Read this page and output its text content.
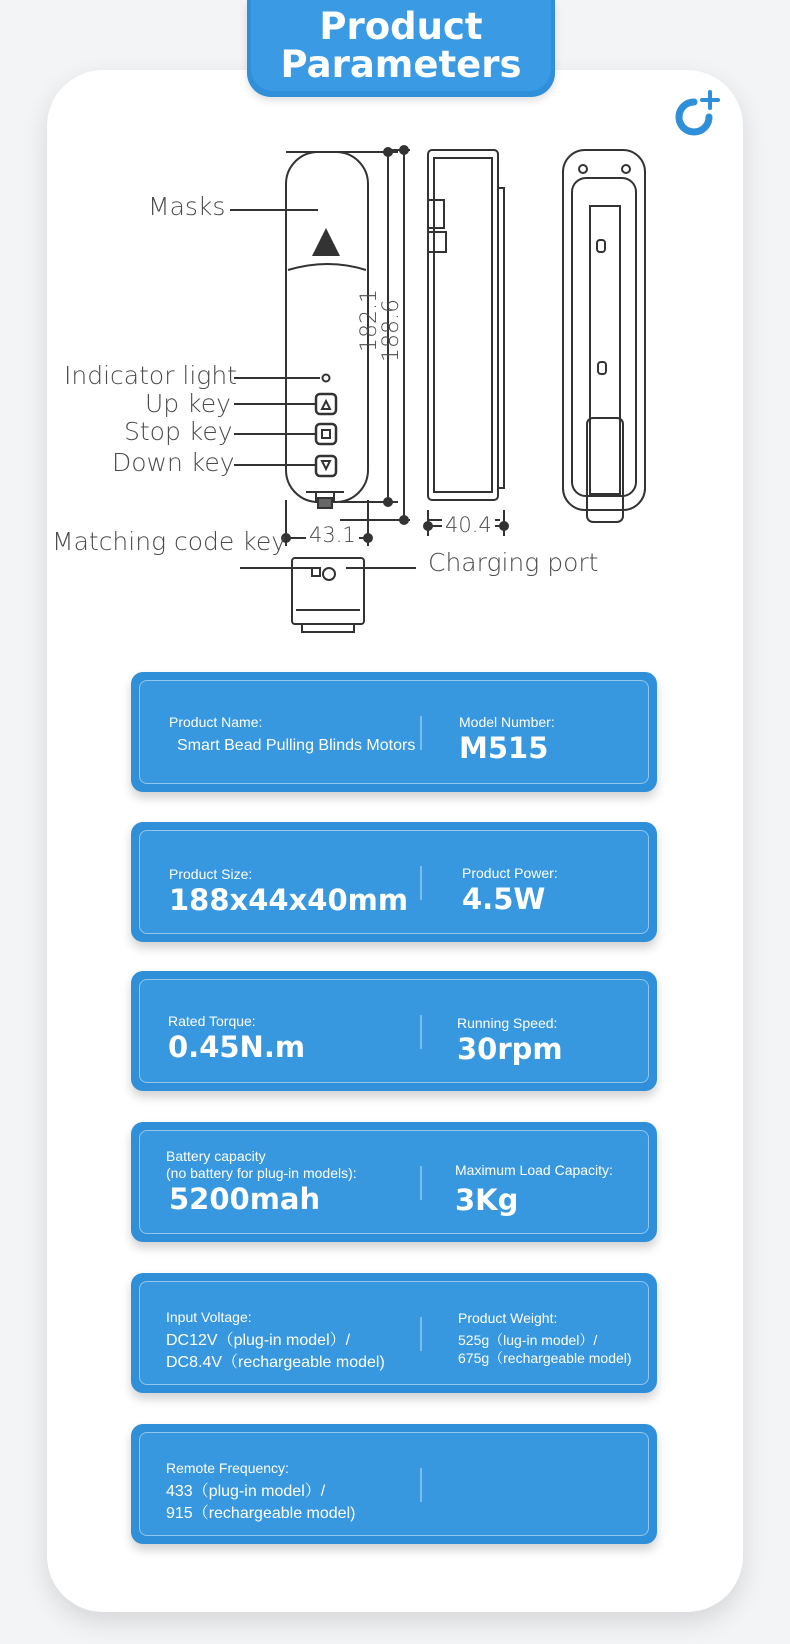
Product
Parameters
Masks
Indicator light
Up key
Stop key
Down key
Matching code key
Charging port
182.1
188.6
43.1	40.4
Product Name:
Smart Bead Pulling Blinds Motors
Model Number:
M515
Product Size:
188x44x40mm
Product Power:
4.5W
Rated Torque:
0.45N.m
Running Speed:
30rpm
Battery capacity
(no battery for plug-in models):
5200mah
Maximum Load Capacity:
3Kg
Input Voltage:
DC12V（plug-in model）/
DC8.4V（rechargeable model)
Product Weight:
525g（lug-in model）/
675g（rechargeable model)
Remote Frequency:
433（plug-in model）/
915（rechargeable model)
